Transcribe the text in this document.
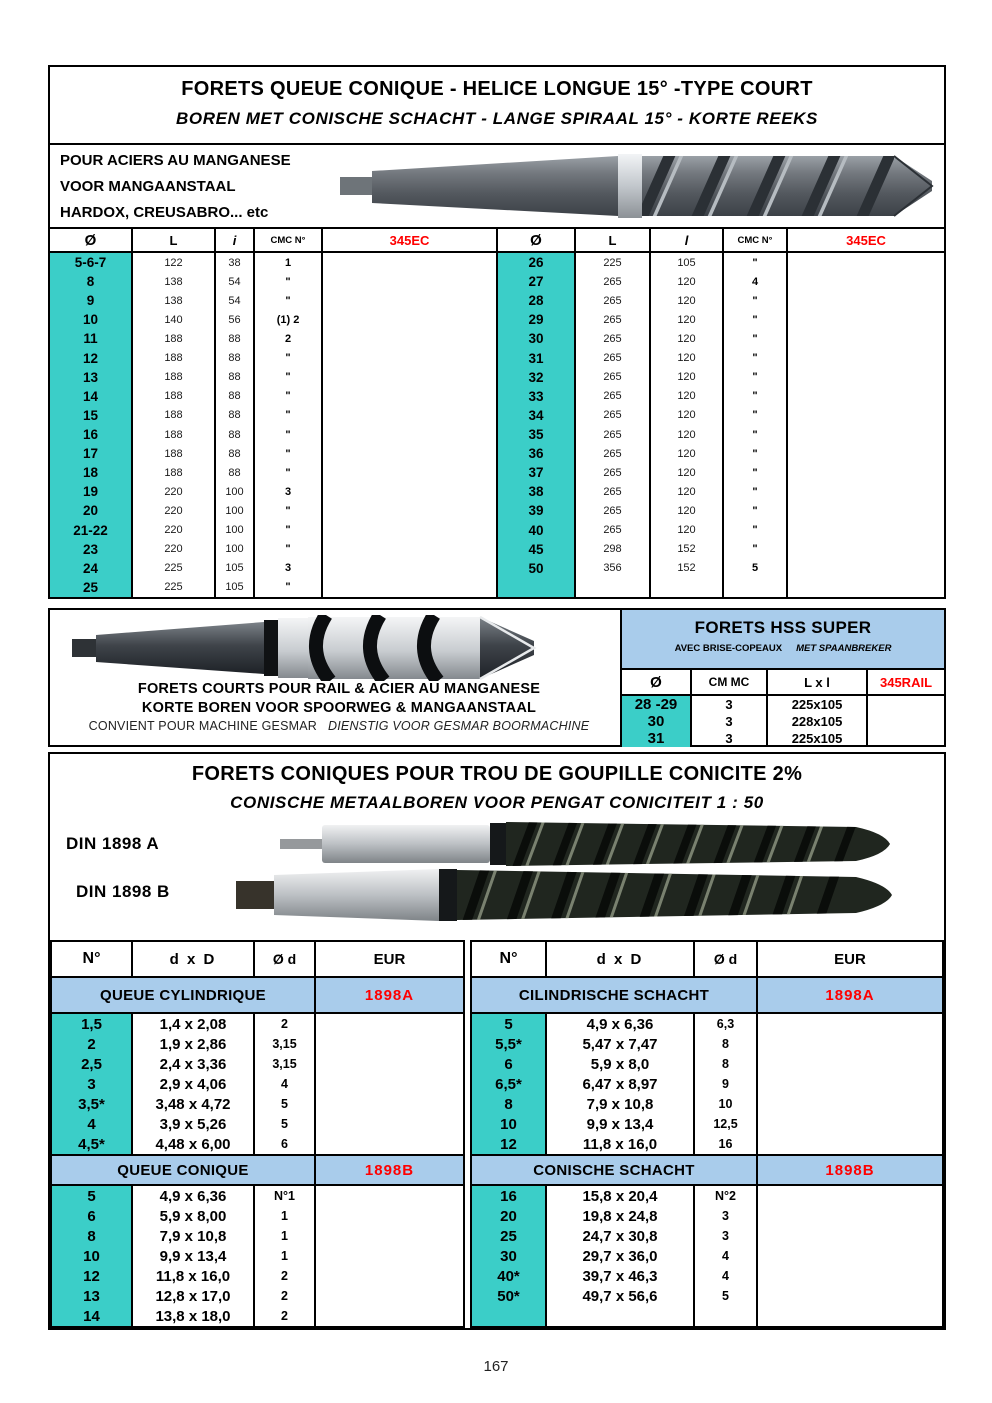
FORETS QUEUE CONIQUE - HELICE LONGUE 15° -TYPE COURT
BOREN MET CONISCHE SCHACHT - LANGE SPIRAAL 15° - KORTE REEKS
POUR ACIERS AU MANGANESE
VOOR MANGAANSTAAL
HARDOX, CREUSABRO... etc
Ø	L	i	CMC N°	345EC
5-6-7	122	38	1
8	138	54	"
9	138	54	"
10	140	56	(1) 2
11	188	88	2
12	188	88	"
13	188	88	"
14	188	88	"
15	188	88	"
16	188	88	"
17	188	88	"
18	188	88	"
19	220	100	3
20	220	100	"
21-22	220	100	"
23	220	100	"
24	225	105	3
25	225	105	"
Ø	L	l	CMC N°	345EC
26	225	105	"
27	265	120	4
28	265	120	"
29	265	120	"
30	265	120	"
31	265	120	"
32	265	120	"
33	265	120	"
34	265	120	"
35	265	120	"
36	265	120	"
37	265	120	"
38	265	120	"
39	265	120	"
40	265	120	"
45	298	152	"
50	356	152	5
FORETS COURTS POUR RAIL & ACIER AU MANGANESE
KORTE BOREN VOOR SPOORWEG & MANGAANSTAAL
CONVIENT POUR MACHINE GESMAR DIENSTIG VOOR GESMAR BOORMACHINE
FORETS HSS SUPER
AVEC BRISE-COPEAUX MET SPAANBREKER
Ø	CM MC	L x l	345RAIL
28 -29	3	225x105
30	3	228x105
31	3	225x105
FORETS CONIQUES POUR TROU DE GOUPILLE CONICITE 2%
CONISCHE METAALBOREN VOOR PENGAT CONICITEIT 1 : 50
DIN 1898 A
DIN 1898 B
N°	d x D	Ø d	EUR
QUEUE CYLINDRIQUE	1898A
1,5	1,4 x 2,08	2
2	1,9 x 2,86	3,15
2,5	2,4 x 3,36	3,15
3	2,9 x 4,06	4
3,5*	3,48 x 4,72	5
4	3,9 x 5,26	5
4,5*	4,48 x 6,00	6
QUEUE CONIQUE	1898B
5	4,9 x 6,36	N°1
6	5,9 x 8,00	1
8	7,9 x 10,8	1
10	9,9 x 13,4	1
12	11,8 x 16,0	2
13	12,8 x 17,0	2
14	13,8 x 18,0	2
N°	d x D	Ø d	EUR
CILINDRISCHE SCHACHT	1898A
5	4,9 x 6,36	6,3
5,5*	5,47 x 7,47	8
6	5,9 x 8,0	8
6,5*	6,47 x 8,97	9
8	7,9 x 10,8	10
10	9,9 x 13,4	12,5
12	11,8 x 16,0	16
CONISCHE SCHACHT	1898B
16	15,8 x 20,4	N°2
20	19,8 x 24,8	3
25	24,7 x 30,8	3
30	29,7 x 36,0	4
40*	39,7 x 46,3	4
50*	49,7 x 56,6	5
167
